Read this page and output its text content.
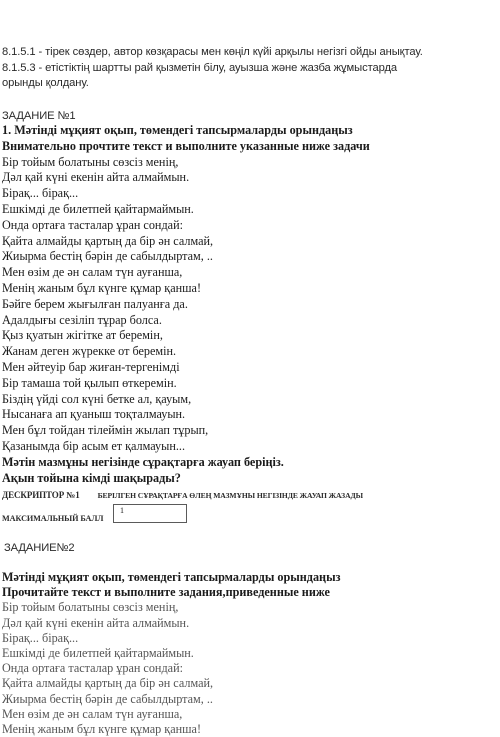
8.1.5.1 - тірек сөздер, автор көзқарасы мен көңіл күйі арқылы негізгі ойды анықтау.

8.1.5.3 - етістіктің шартты рай қызметін білу, ауызша және жазба жұмыстарда

орынды қолдану.

ЗАДАНИЕ №1

1. Мәтінді мұқият оқып, төмендегі тапсырмаларды орындаңыз

Внимательно прочтите текст и выполните указанные ниже задачи

Бір тойым болатыны сөзсіз менің,

Дәл қай күні екенін айта алмаймын.

Бірақ... бірақ...

Ешкімді де билетпей қайтармаймын.

Онда ортаға тасталар ұран сондай:

Қайта алмайды қартың да бір ән салмай,

Жиырма бестің бәрін де сабылдыртам, ..

Мен өзім де ән салам түн ауғанша,

Менің жаным бұл күнге құмар қанша!

Бәйге берем жығылған палуанға да.

Адалдығы сезіліп тұрар болса.

Қыз қуатын жігітке ат беремін,

Жанам деген жүрекке от беремін.

Мен әйтеуір бар жиған-тергенімді

Бір тамаша той қылып өткеремін.

Біздің үйді сол күні бетке ал, қауым,

Нысанаға ап қуаныш тоқталмауын.

Мен бұл тойдан тілеймін жылап тұрып,

Қазанымда бір асым ет қалмауын...

Мәтін мазмұны негізінде сұрақтарға жауап беріңіз.

Ақын тойына кімді шақырады?

ДЕСКРИПТОР №1 БЕРІЛГЕН СҰРАҚТАРҒА ӨЛЕҢ МАЗМҰНЫ НЕГІЗІНДЕ ЖАУАП ЖАЗАДЫ

МАКСИМАЛЬНЫЙ БАЛЛ

1

ЗАДАНИЕ№2

Мәтінді мұқият оқып, төмендегі тапсырмаларды орындаңыз

Прочитайте текст и выполните задания,приведенные ниже

Бір тойым болатыны сөзсіз менің,

Дәл қай күні екенін айта алмаймын.

Бірақ... бірақ...

Ешкімді де билетпей қайтармаймын.

Онда ортаға тасталар ұран сондай:

Қайта алмайды қартың да бір ән салмай,

Жиырма бестің бәрін де сабылдыртам, ..

Мен өзім де ән салам түн ауғанша,

Менің жаным бұл күнге құмар қанша!
